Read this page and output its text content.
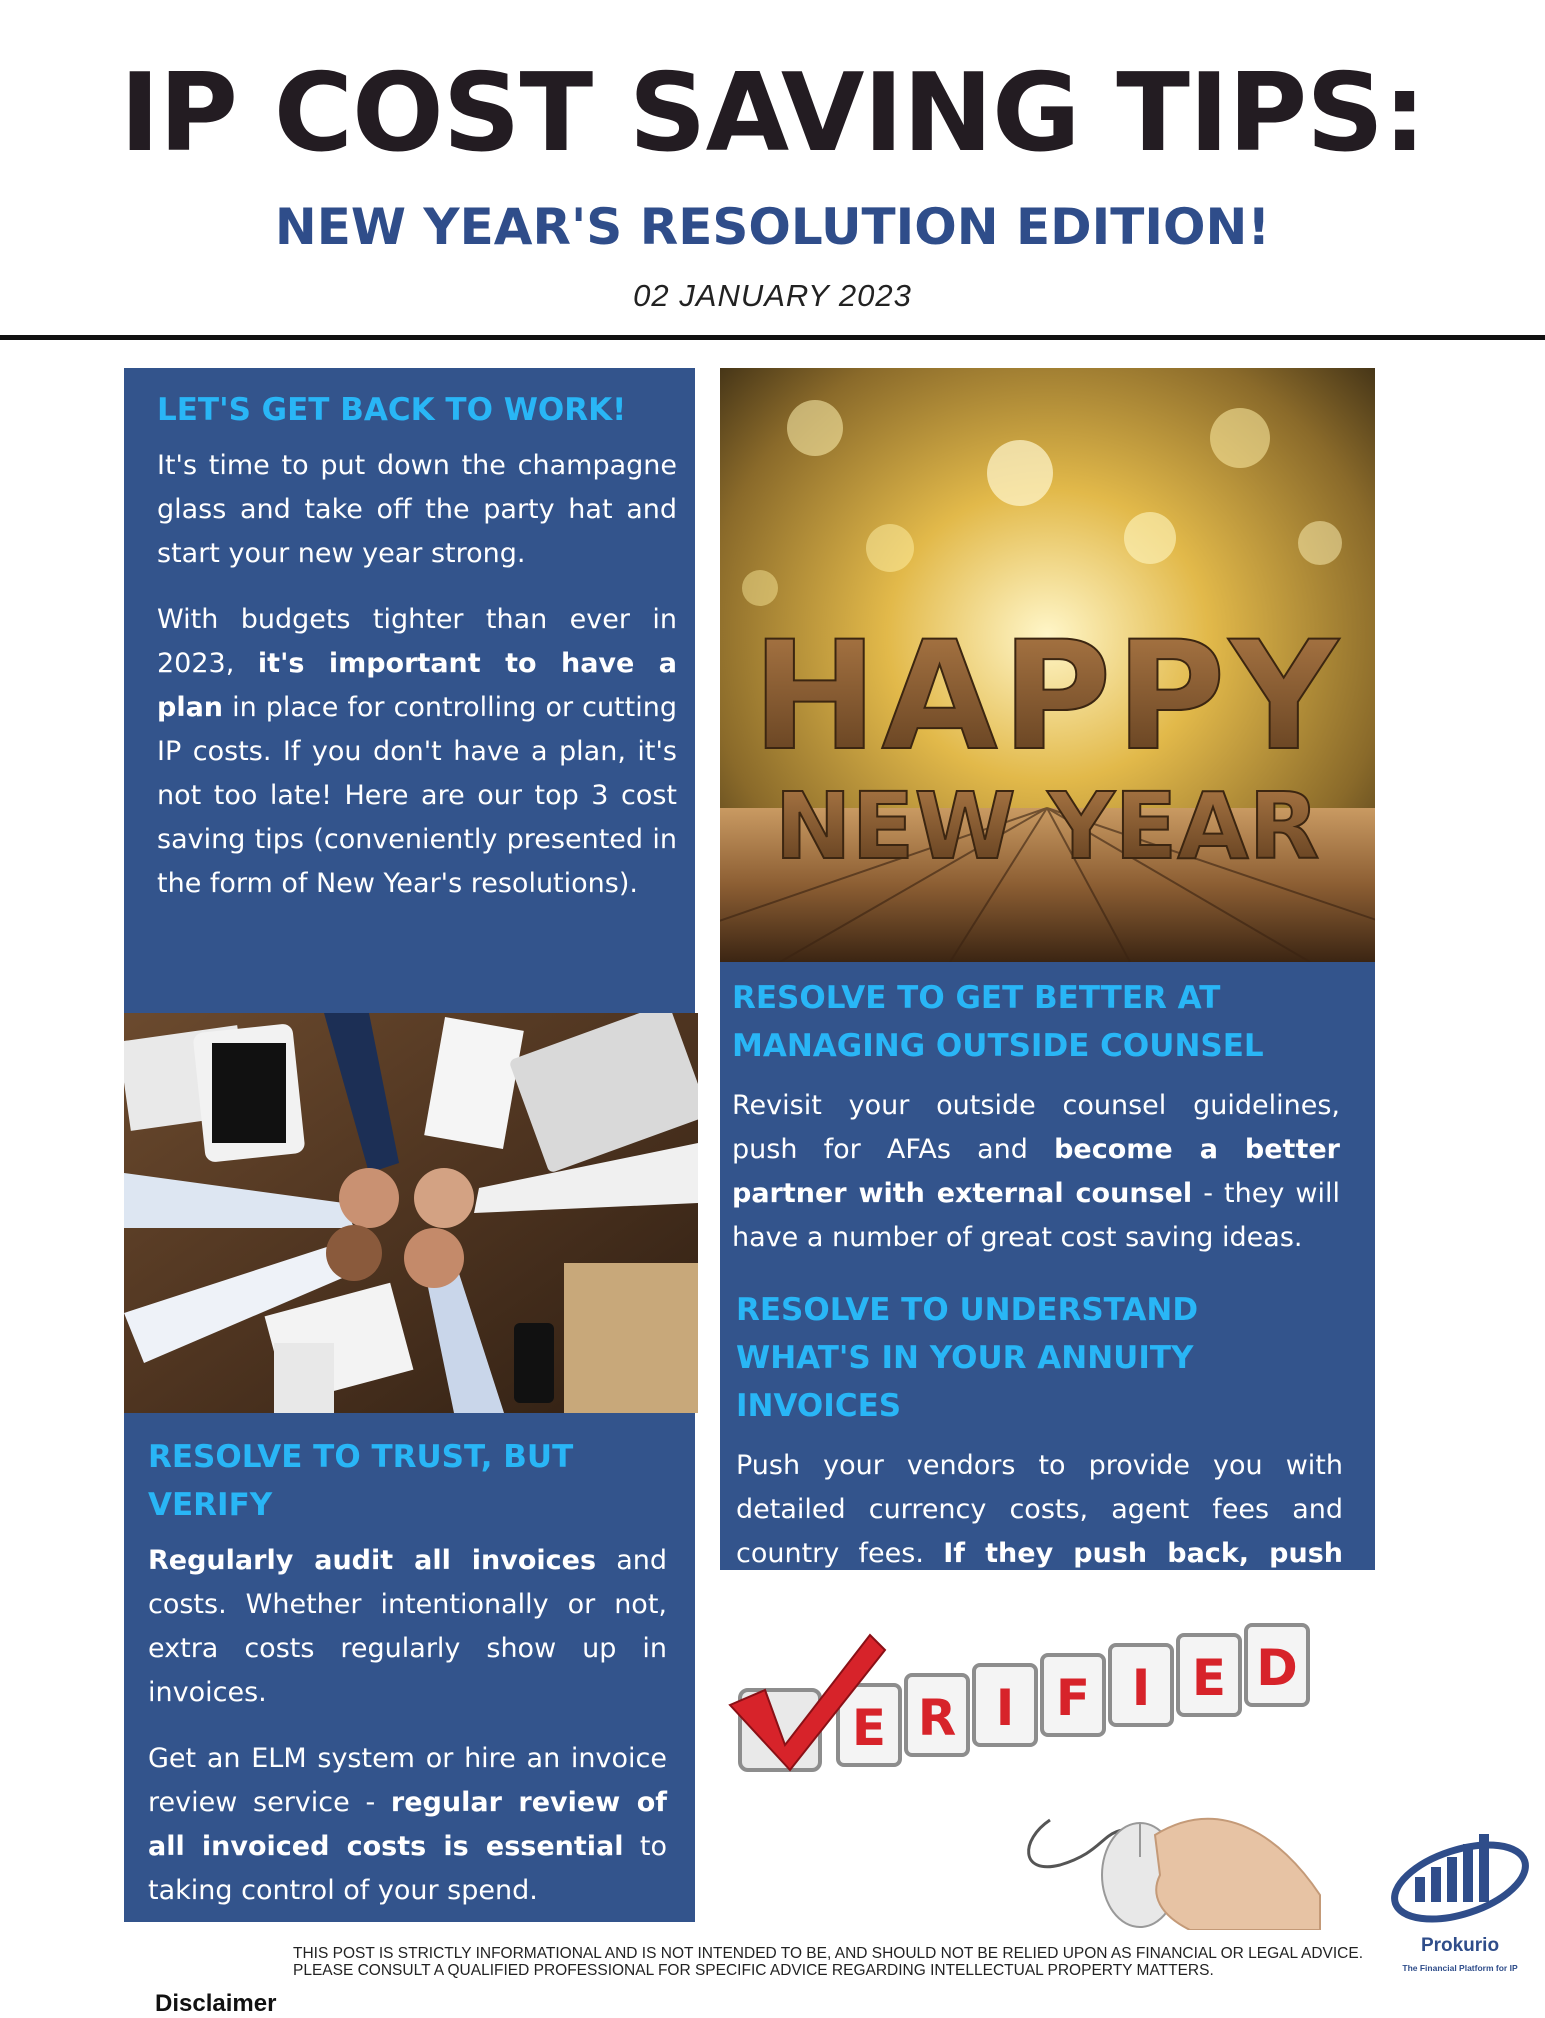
IP COST SAVING TIPS:
NEW YEAR'S RESOLUTION EDITION!
02 JANUARY 2023
LET'S GET BACK TO WORK!

It's time to put down the champagne glass and take off the party hat and start your new year strong.

With budgets tighter than ever in 2023, it's important to have a plan in place for controlling or cutting IP costs. If you don't have a plan, it's not too late! Here are our top 3 cost saving tips (conveniently presented in the form of New Year's resolutions).

HAPPY
NEW YEAR
RESOLVE TO GET BETTER AT MANAGING OUTSIDE COUNSEL

Revisit your outside counsel guidelines, push for AFAs and become a better partner with external counsel - they will have a number of great cost saving ideas.

RESOLVE TO UNDERSTAND WHAT'S IN YOUR ANNUITY INVOICES

Push your vendors to provide you with detailed currency costs, agent fees and country fees. If they push back, push

RESOLVE TO TRUST, BUT VERIFY

Regularly audit all invoices and costs. Whether intentionally or not, extra costs regularly show up in invoices.

Get an ELM system or hire an invoice review service - regular review of all invoiced costs is essential to taking control of your spend.

E R I F I E D
Disclaimer
THIS POST IS STRICTLY INFORMATIONAL AND IS NOT INTENDED TO BE, AND SHOULD NOT BE RELIED UPON AS FINANCIAL OR LEGAL ADVICE. PLEASE CONSULT A QUALIFIED PROFESSIONAL FOR SPECIFIC ADVICE REGARDING INTELLECTUAL PROPERTY MATTERS.
Prokurio
The Financial Platform for IP
